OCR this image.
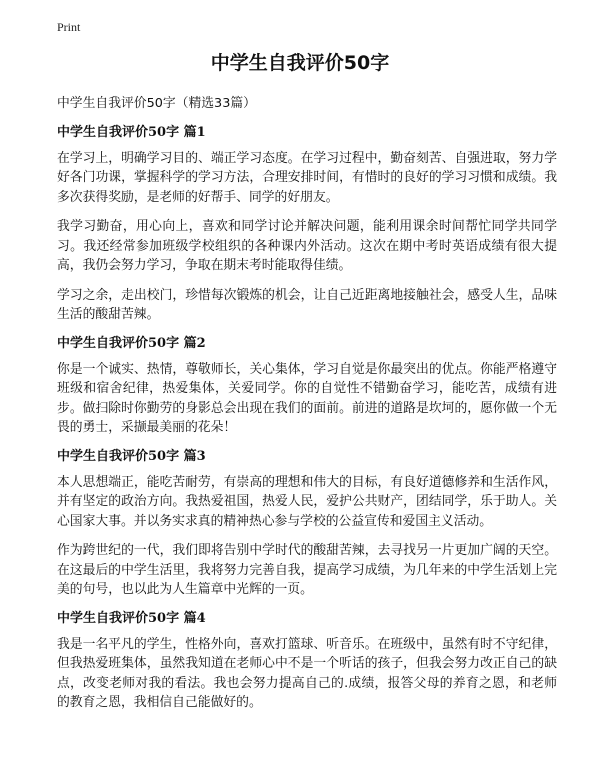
Print
中学生自我评价50字

中学生自我评价50字（精选33篇）

中学生自我评价50字 篇1

在学习上，明确学习目的、端正学习态度。在学习过程中，勤奋刻苦、自强进取，努力学好各门功课，掌握科学的学习方法，合理安排时间，有惜时的良好的学习习惯和成绩。我多次获得奖励，是老师的好帮手、同学的好朋友。

我学习勤奋，用心向上，喜欢和同学讨论并解决问题，能利用课余时间帮忙同学共同学习。我还经常参加班级学校组织的各种课内外活动。这次在期中考时英语成绩有很大提高，我仍会努力学习，争取在期末考时能取得佳绩。

学习之余，走出校门，珍惜每次锻炼的机会，让自己近距离地接触社会，感受人生，品味生活的酸甜苦辣。

中学生自我评价50字 篇2

你是一个诚实、热情，尊敬师长，关心集体，学习自觉是你最突出的优点。你能严格遵守班级和宿舍纪律，热爱集体，关爱同学。你的自觉性不错勤奋学习，能吃苦，成绩有进步。做扫除时你勤劳的身影总会出现在我们的面前。前进的道路是坎坷的，愿你做一个无畏的勇士，采撷最美丽的花朵！

中学生自我评价50字 篇3

本人思想端正，能吃苦耐劳，有崇高的理想和伟大的目标，有良好道德修养和生活作风，并有坚定的政治方向。我热爱祖国，热爱人民，爱护公共财产，团结同学，乐于助人。关心国家大事。并以务实求真的精神热心参与学校的公益宣传和爱国主义活动。

作为跨世纪的一代，我们即将告别中学时代的酸甜苦辣，去寻找另一片更加广阔的天空。在这最后的中学生活里，我将努力完善自我，提高学习成绩，为几年来的中学生活划上完美的句号，也以此为人生篇章中光辉的一页。

中学生自我评价50字 篇4

我是一名平凡的学生，性格外向，喜欢打篮球、听音乐。在班级中，虽然有时不守纪律，但我热爱班集体，虽然我知道在老师心中不是一个听话的孩子，但我会努力改正自己的缺点，改变老师对我的看法。我也会努力提高自己的.成绩，报答父母的养育之恩，和老师的教育之恩，我相信自己能做好的。
